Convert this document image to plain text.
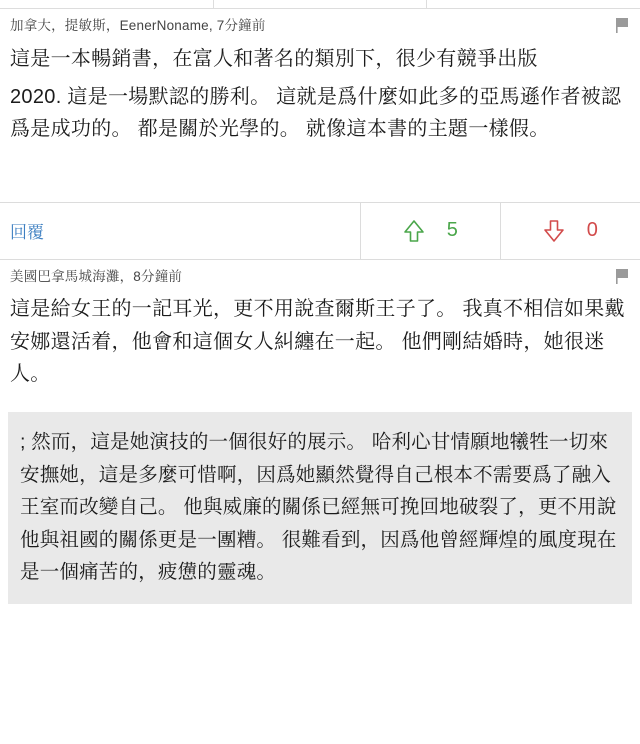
加拿大，提敏斯，EenerNoname, 7分鐘前

這是一本暢銷書，在富人和著名的類別下，很少有競爭出版

2020. 這是一場默認的勝利。 這就是爲什麼如此多的亞馬遜作者被認爲是成功的。 都是關於光學的。 就像這本書的主題一樣假。

回覆	5	0
美國巴拿馬城海灘，8分鐘前

這是給女王的一記耳光，更不用說查爾斯王子了。 我真不相信如果戴安娜還活着，他會和這個女人糾纏在一起。 他們剛結婚時，她很迷人。

; 然而，這是她演技的一個很好的展示。 哈利心甘情願地犧牲一切來安撫她，這是多麼可惜啊，因爲她顯然覺得自己根本不需要爲了融入王室而改變自己。 他與威廉的關係已經無可挽回地破裂了，更不用說他與祖國的關係更是一團糟。 很難看到，因爲他曾經輝煌的風度現在是一個痛苦的，疲憊的靈魂。
